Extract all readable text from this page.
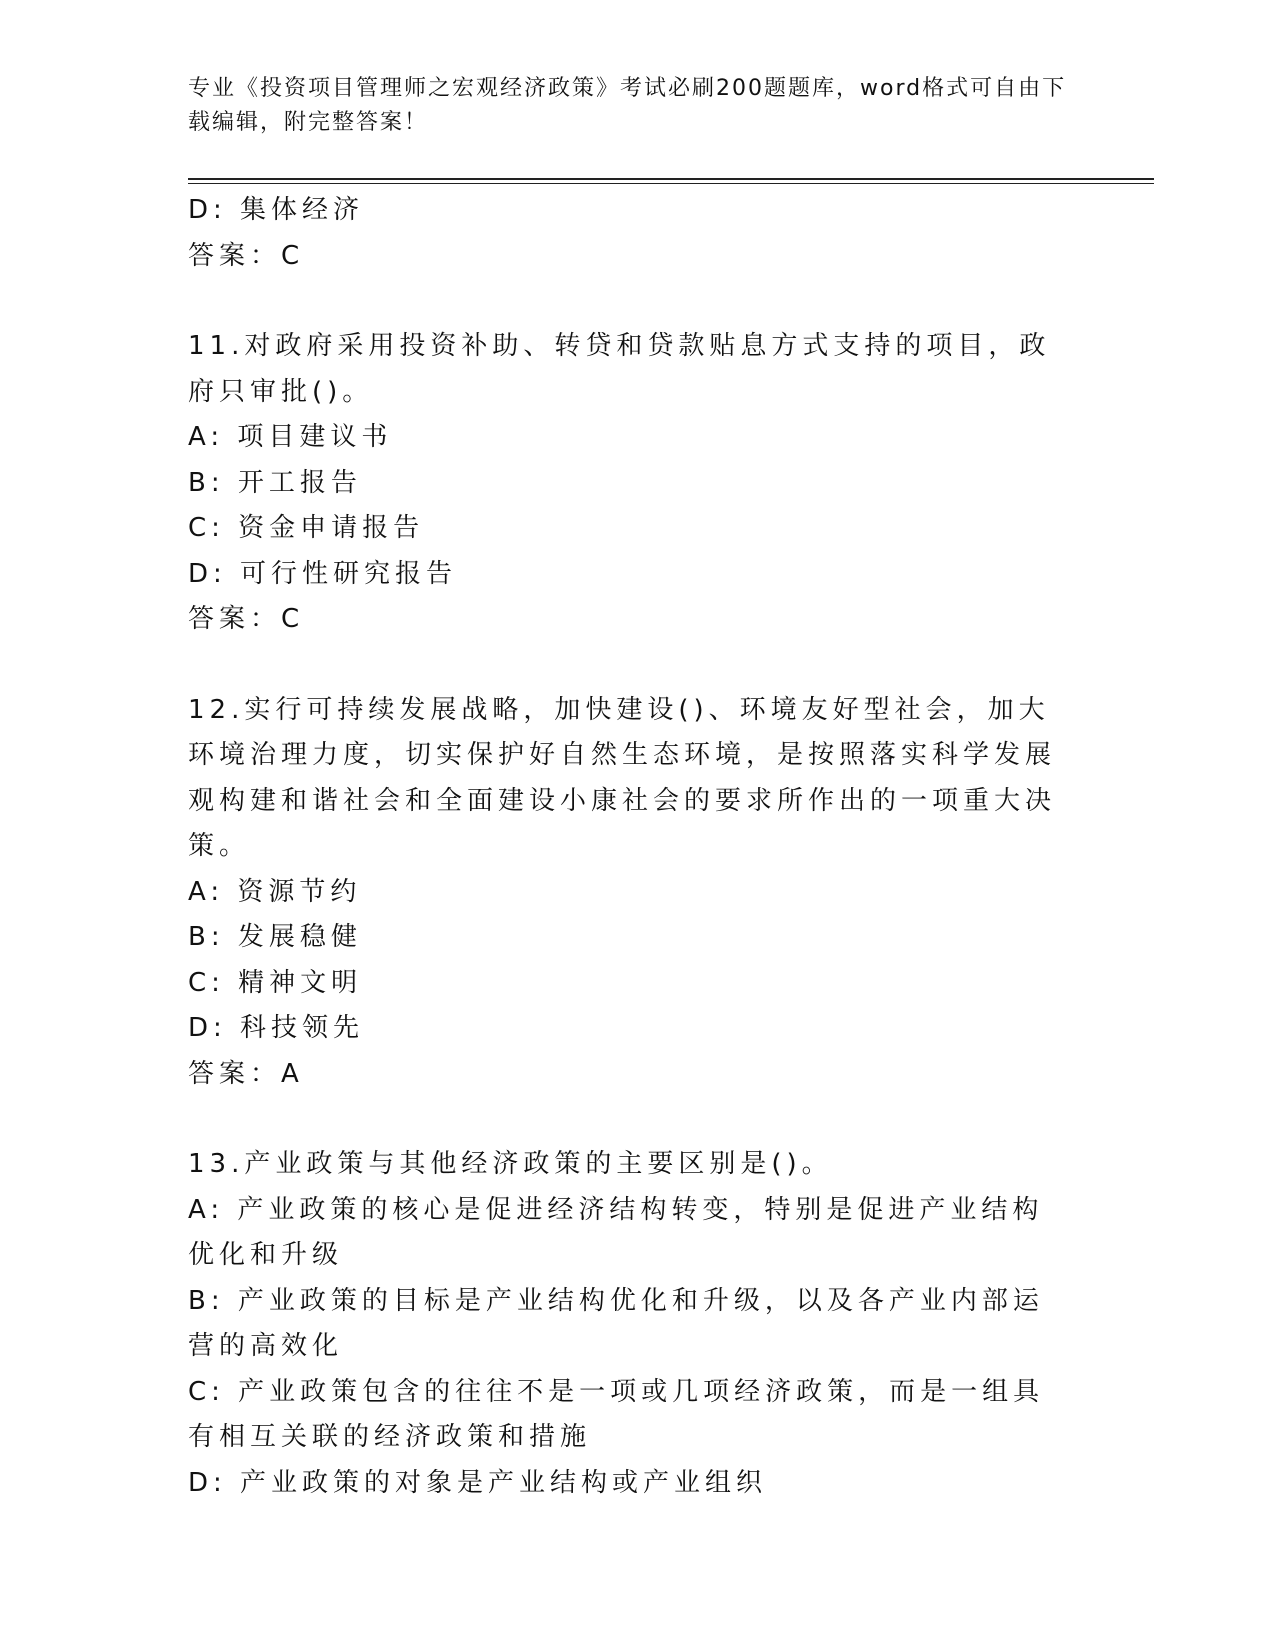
专业《投资项目管理师之宏观经济政策》考试必刷200题题库，word格式可自由下载编辑，附完整答案！

D: 集体经济

答案：C

11.对政府采用投资补助、转贷和贷款贴息方式支持的项目，政府只审批()。

A: 项目建议书

B: 开工报告

C: 资金申请报告

D: 可行性研究报告

答案：C

12.实行可持续发展战略，加快建设()、环境友好型社会，加大环境治理力度，切实保护好自然生态环境，是按照落实科学发展观构建和谐社会和全面建设小康社会的要求所作出的一项重大决策。

A: 资源节约

B: 发展稳健

C: 精神文明

D: 科技领先

答案：A

13.产业政策与其他经济政策的主要区别是()。

A: 产业政策的核心是促进经济结构转变，特别是促进产业结构优化和升级

B: 产业政策的目标是产业结构优化和升级，以及各产业内部运营的高效化

C: 产业政策包含的往往不是一项或几项经济政策，而是一组具有相互关联的经济政策和措施

D: 产业政策的对象是产业结构或产业组织
